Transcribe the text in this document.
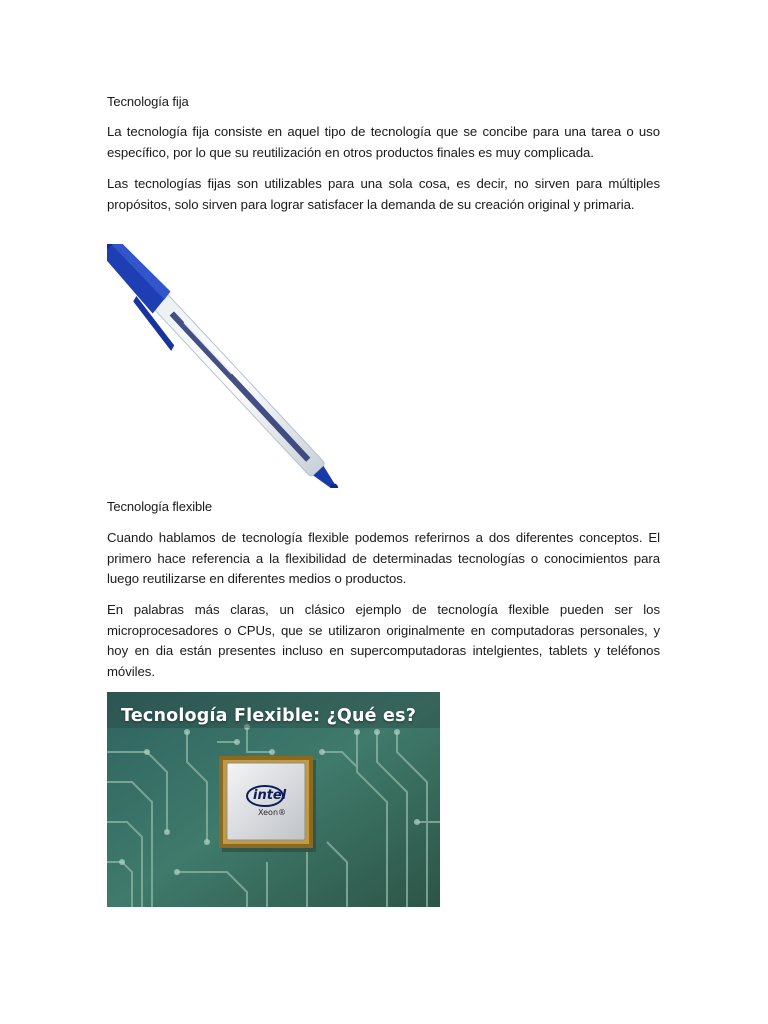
Tecnología fija
La tecnología fija consiste en aquel tipo de tecnología que se concibe para una tarea o uso específico, por lo que su reutilización en otros productos finales es muy complicada.
Las tecnologías fijas son utilizables para una sola cosa, es decir, no sirven para múltiples propósitos, solo sirven para lograr satisfacer la demanda de su creación original y primaria.
Tecnología flexible
Cuando hablamos de tecnología flexible podemos referirnos a dos diferentes conceptos. El primero hace referencia a la flexibilidad de determinadas tecnologías o conocimientos para luego reutilizarse en diferentes medios o productos.
En palabras más claras, un clásico ejemplo de tecnología flexible pueden ser los microprocesadores o CPUs, que se utilizaron originalmente en computadoras personales, y hoy en dia están presentes incluso en supercomputadoras intelgientes, tablets y teléfonos móviles.
Tecnología Flexible: ¿Qué es?
intel
Xeon®
